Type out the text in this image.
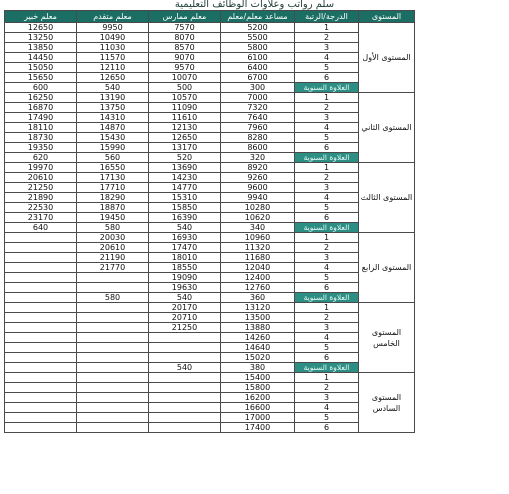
سلم رواتب وعلاوات الوظائف التعليمية
المستوى	الدرجة/الرتبة	مساعد معلم/معلم	معلم ممارس	معلم متقدم	معلم خبير
المستوى الأول	1	5200	7570	9950	12650
	2	5500	8070	10490	13250
	3	5800	8570	11030	13850
	4	6100	9070	11570	14450
	5	6400	9570	12110	15050
	6	6700	10070	12650	15650
	العلاوة السنوية	300	500	540	600
المستوى الثاني	1	7000	10570	13190	16250
	2	7320	11090	13750	16870
	3	7640	11610	14310	17490
	4	7960	12130	14870	18110
	5	8280	12650	15430	18730
	6	8600	13170	15990	19350
	العلاوة السنوية	320	520	560	620
المستوى الثالث	1	8920	13690	16550	19970
	2	9260	14230	17130	20610
	3	9600	14770	17710	21250
	4	9940	15310	18290	21890
	5	10280	15850	18870	22530
	6	10620	16390	19450	23170
	العلاوة السنوية	340	540	580	640
المستوى الرابع	1	10960	16930	20030	
	2	11320	17470	20610	
	3	11680	18010	21190	
	4	12040	18550	21770	
	5	12400	19090		
	6	12760	19630		
	العلاوة السنوية	360	540	580	
المستوى الخامس	1	13120	20170		
	2	13500	20710		
	3	13880	21250		
	4	14260			
	5	14640			
	6	15020			
	العلاوة السنوية	380	540		
المستوى السادس	1	15400			
	2	15800			
	3	16200			
	4	16600			
	5	17000			
	6	17400			
